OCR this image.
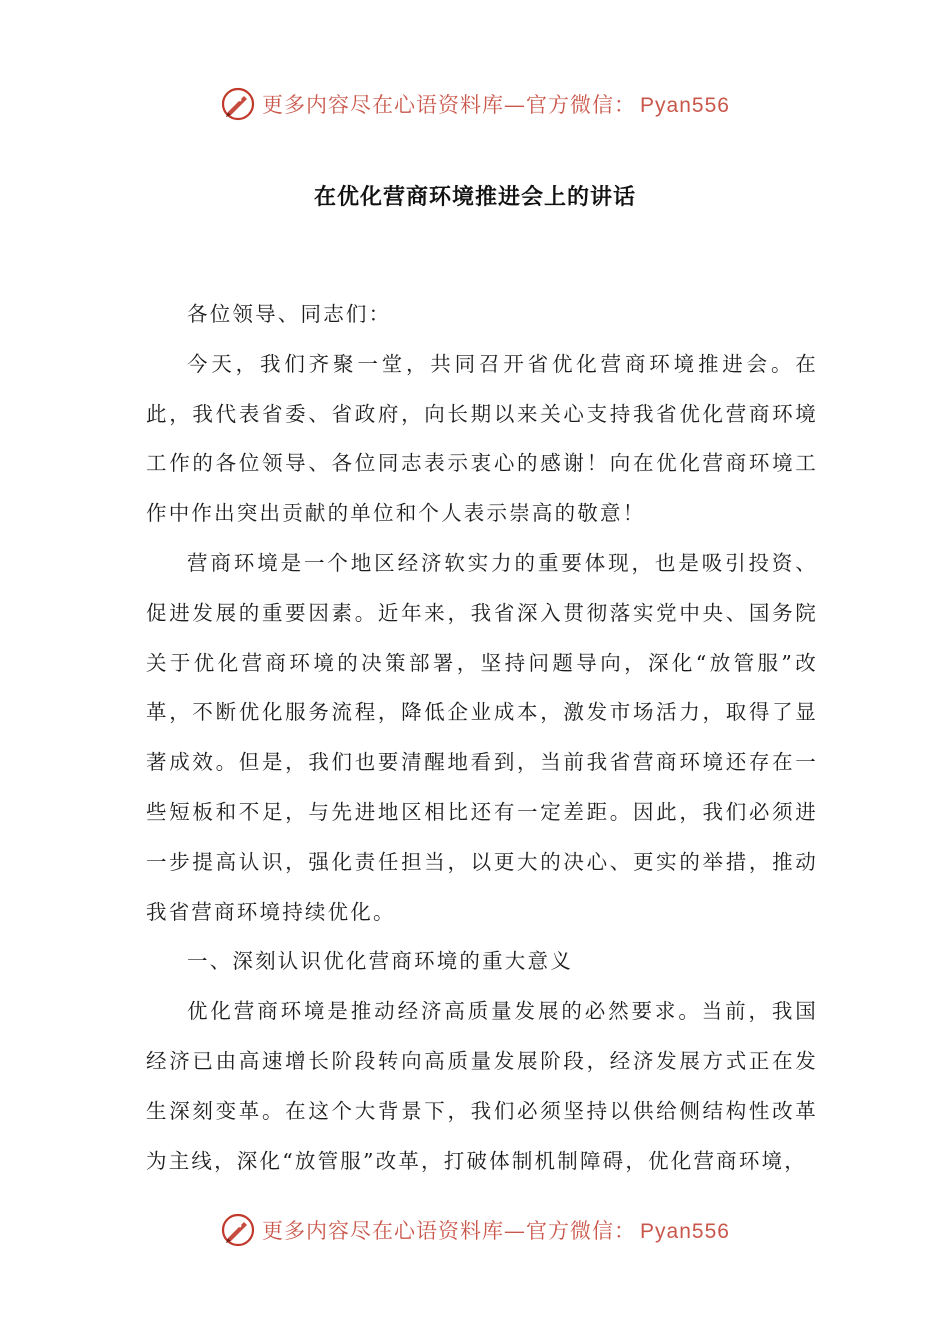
更多内容尽在心语资料库—官方微信： Pyan556
在优化营商环境推进会上的讲话

各位领导、同志们：

今天，我们齐聚一堂，共同召开省优化营商环境推进会。在此，我代表省委、省政府，向长期以来关心支持我省优化营商环境工作的各位领导、各位同志表示衷心的感谢！向在优化营商环境工作中作出突出贡献的单位和个人表示崇高的敬意！

营商环境是一个地区经济软实力的重要体现，也是吸引投资、促进发展的重要因素。近年来，我省深入贯彻落实党中央、国务院关于优化营商环境的决策部署，坚持问题导向，深化“放管服”改革，不断优化服务流程，降低企业成本，激发市场活力，取得了显著成效。但是，我们也要清醒地看到，当前我省营商环境还存在一些短板和不足，与先进地区相比还有一定差距。因此，我们必须进一步提高认识，强化责任担当，以更大的决心、更实的举措，推动我省营商环境持续优化。

一、深刻认识优化营商环境的重大意义

优化营商环境是推动经济高质量发展的必然要求。当前，我国经济已由高速增长阶段转向高质量发展阶段，经济发展方式正在发生深刻变革。在这个大背景下，我们必须坚持以供给侧结构性改革为主线，深化“放管服”改革，打破体制机制障碍，优化营商环境，

更多内容尽在心语资料库—官方微信： Pyan556
